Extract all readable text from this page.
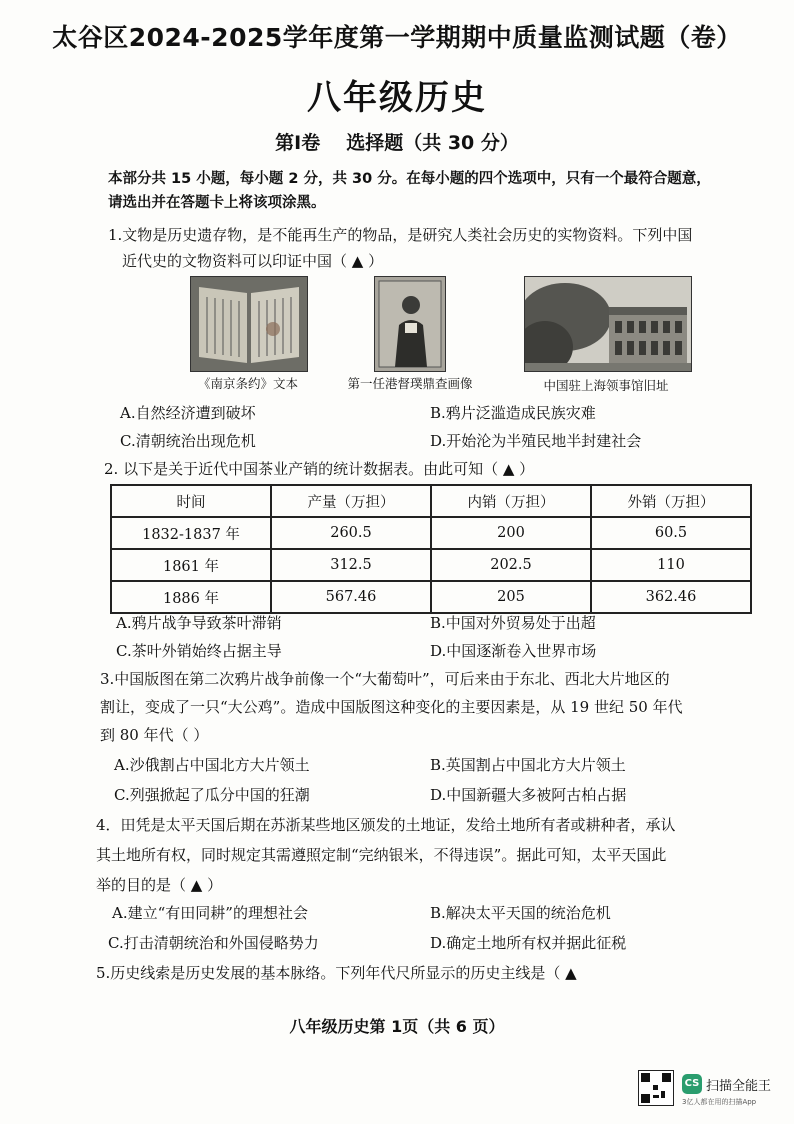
太谷区2024-2025学年度第一学期期中质量监测试题（卷）
八年级历史
第Ⅰ卷 选择题（共 30 分）
本部分共 15 小题，每小题 2 分，共 30 分。在每小题的四个选项中，只有一个最符合题意，
请选出并在答题卡上将该项涂黑。
1.文物是历史遗存物，是不能再生产的物品，是研究人类社会历史的实物资料。下列中国
近代史的文物资料可以印证中国（ ▲ ）
《南京条约》文本	第一任港督璞鼎查画像	中国驻上海领事馆旧址
A.自然经济遭到破坏	B.鸦片泛滥造成民族灾难
C.清朝统治出现危机	D.开始沦为半殖民地半封建社会
2. 以下是关于近代中国茶业产销的统计数据表。由此可知（ ▲ ）
时间	产量（万担）	内销（万担）	外销（万担）
1832-1837 年	260.5	200	60.5
1861 年	312.5	202.5	110
1886 年	567.46	205	362.46
A.鸦片战争导致茶叶滞销	B.中国对外贸易处于出超
C.茶叶外销始终占据主导	D.中国逐渐卷入世界市场
3.中国版图在第二次鸦片战争前像一个“大葡萄叶”，可后来由于东北、西北大片地区的
割让，变成了一只“大公鸡”。造成中国版图这种变化的主要因素是，从 19 世纪 50 年代
到 80 年代（ ）
A.沙俄割占中国北方大片领土	B.英国割占中国北方大片领土
C.列强掀起了瓜分中国的狂潮	D.中国新疆大多被阿古柏占据
4．田凭是太平天国后期在苏浙某些地区颁发的土地证，发给土地所有者或耕种者，承认
其土地所有权，同时规定其需遵照定制“完纳银米，不得违误”。据此可知，太平天国此
举的目的是（ ▲ ）
A.建立“有田同耕”的理想社会	B.解决太平天国的统治危机
C.打击清朝统治和外国侵略势力	D.确定土地所有权并据此征税
5.历史线索是历史发展的基本脉络。下列年代尺所显示的历史主线是（ ▲
八年级历史第 1页（共 6 页）
CS 扫描全能王
3亿人都在用的扫描App
